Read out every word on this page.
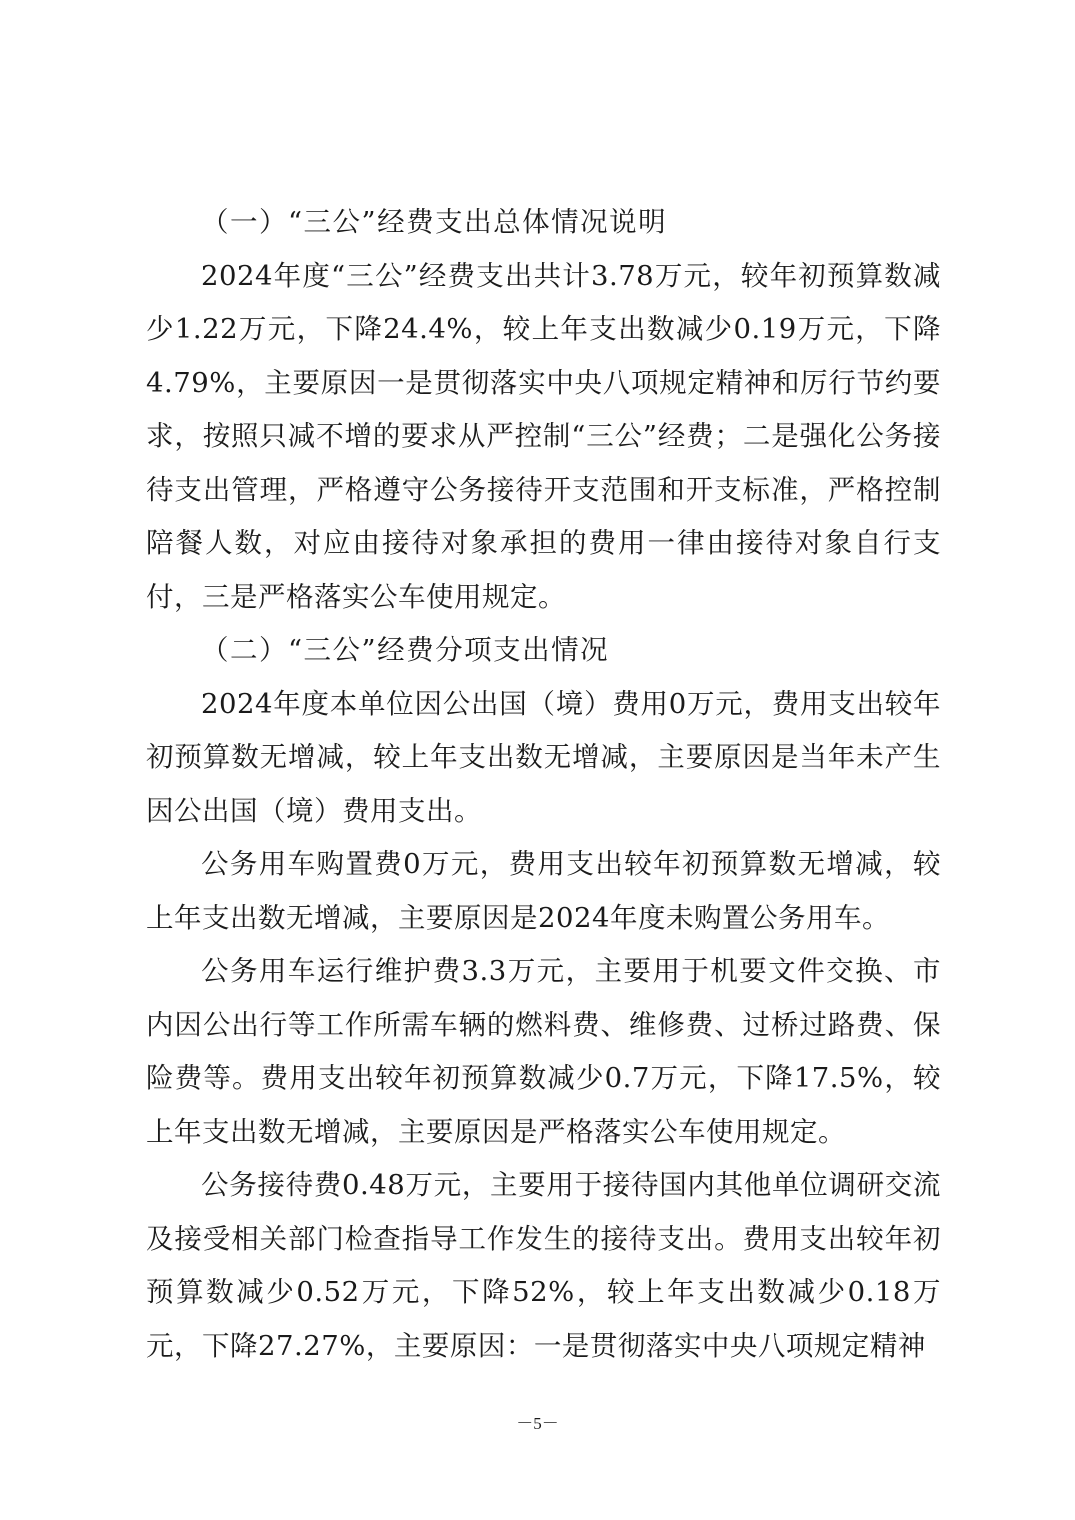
（一）“三公”经费支出总体情况说明

2024年度“三公”经费支出共计3.78万元，较年初预算数减少1.22万元，下降24.4%，较上年支出数减少0.19万元，下降4.79%，主要原因一是贯彻落实中央八项规定精神和厉行节约要求，按照只减不增的要求从严控制“三公”经费；二是强化公务接待支出管理，严格遵守公务接待开支范围和开支标准，严格控制陪餐人数，对应由接待对象承担的费用一律由接待对象自行支付，三是严格落实公车使用规定。

（二）“三公”经费分项支出情况

2024年度本单位因公出国（境）费用0万元，费用支出较年初预算数无增减，较上年支出数无增减，主要原因是当年未产生因公出国（境）费用支出。

公务用车购置费0万元，费用支出较年初预算数无增减，较上年支出数无增减，主要原因是2024年度未购置公务用车。

公务用车运行维护费3.3万元，主要用于机要文件交换、市内因公出行等工作所需车辆的燃料费、维修费、过桥过路费、保险费等。费用支出较年初预算数减少0.7万元，下降17.5%，较上年支出数无增减，主要原因是严格落实公车使用规定。

公务接待费0.48万元，主要用于接待国内其他单位调研交流及接受相关部门检查指导工作发生的接待支出。费用支出较年初预算数减少0.52万元，下降52%，较上年支出数减少0.18万元，下降27.27%，主要原因：一是贯彻落实中央八项规定精神

－5－
